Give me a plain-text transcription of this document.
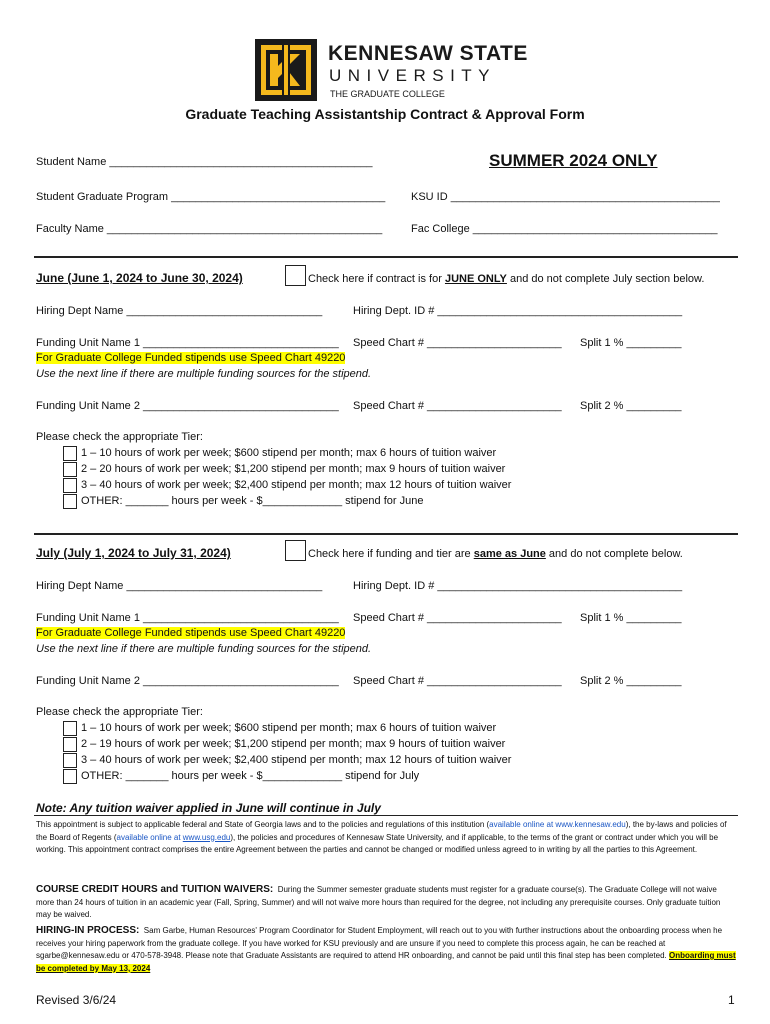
KENNESAW STATE
UNIVERSITY
THE GRADUATE COLLEGE
Graduate Teaching Assistantship Contract & Approval Form
Student Name ___________________________________________	SUMMER 2024 ONLY
Student Graduate Program ___________________________________ KSU ID ____________________________________________
Faculty Name _____________________________________________	Fac College ________________________________________
June (June 1, 2024 to June 30, 2024)	Check here if contract is for JUNE ONLY and do not complete July section below.
Hiring Dept Name ________________________________	Hiring Dept. ID # ________________________________________
Funding Unit Name 1 ________________________________ Speed Chart # ______________________ Split 1 % _________
For Graduate College Funded stipends use Speed Chart 49220
Use the next line if there are multiple funding sources for the stipend.
Funding Unit Name 2 ________________________________ Speed Chart # ______________________ Split 2 % _________
Please check the appropriate Tier:
1 – 10 hours of work per week; $600 stipend per month; max 6 hours of tuition waiver
2 – 20 hours of work per week; $1,200 stipend per month; max 9 hours of tuition waiver
3 – 40 hours of work per week; $2,400 stipend per month; max 12 hours of tuition waiver
OTHER: _______ hours per week - $_____________ stipend for June
July (July 1, 2024 to July 31, 2024)	Check here if funding and tier are same as June and do not complete below.
Hiring Dept Name ________________________________	Hiring Dept. ID # ________________________________________
Funding Unit Name 1 ________________________________ Speed Chart # ______________________ Split 1 % _________
For Graduate College Funded stipends use Speed Chart 49220
Use the next line if there are multiple funding sources for the stipend.
Funding Unit Name 2 ________________________________ Speed Chart # ______________________ Split 2 % _________
Please check the appropriate Tier:
1 – 10 hours of work per week; $600 stipend per month; max 6 hours of tuition waiver
2 – 19 hours of work per week; $1,200 stipend per month; max 9 hours of tuition waiver
3 – 40 hours of work per week; $2,400 stipend per month; max 12 hours of tuition waiver
OTHER: _______ hours per week - $_____________ stipend for July
Note: Any tuition waiver applied in June will continue in July
This appointment is subject to applicable federal and State of Georgia laws and to the policies and regulations of this institution (available online at www.kennesaw.edu), the by-laws and policies of the Board of Regents (available online at www.usg.edu), the policies and procedures of Kennesaw State University, and if applicable, to the terms of the grant or contract under which you will be working. This appointment contract comprises the entire Agreement between the parties and cannot be changed or modified unless agreed to in writing by all the parties to this Agreement.
COURSE CREDIT HOURS and TUITION WAIVERS: During the Summer semester graduate students must register for a graduate course(s). The Graduate College will not waive more than 24 hours of tuition in an academic year (Fall, Spring, Summer) and will not waive more hours than required for the degree, not including any prerequisite courses. Only graduate tuition may be waived.
HIRING-IN PROCESS: Sam Garbe, Human Resources' Program Coordinator for Student Employment, will reach out to you with further instructions about the onboarding process when he receives your hiring paperwork from the graduate college. If you have worked for KSU previously and are unsure if you need to complete this process again, he can be reached at sgarbe@kennesaw.edu or 470-578-3948. Please note that Graduate Assistants are required to attend HR onboarding, and cannot be paid until this final step has been completed. Onboarding must be completed by May 13, 2024
Revised 3/6/24	1
